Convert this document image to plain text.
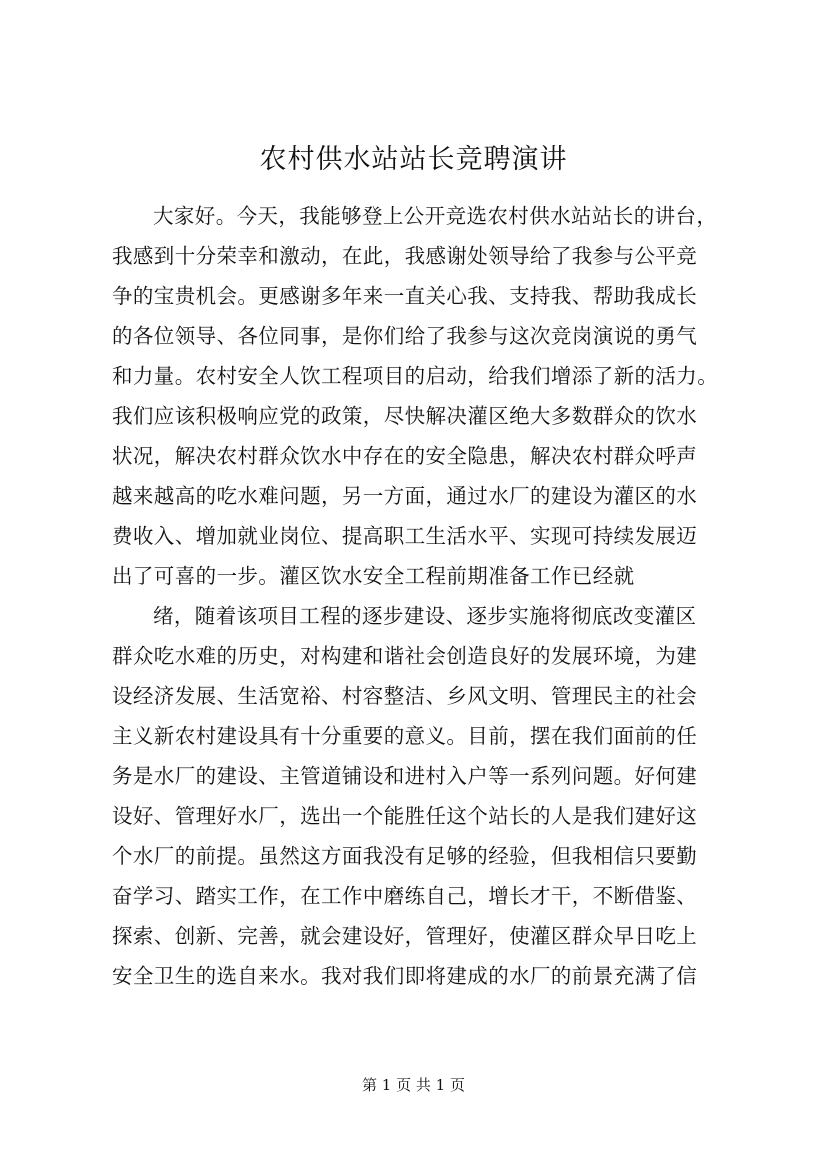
农村供水站站长竞聘演讲
大家好。今天，我能够登上公开竞选农村供水站站长的讲台，
我感到十分荣幸和激动，在此，我感谢处领导给了我参与公平竞
争的宝贵机会。更感谢多年来一直关心我、支持我、帮助我成长
的各位领导、各位同事，是你们给了我参与这次竞岗演说的勇气
和力量。农村安全人饮工程项目的启动，给我们增添了新的活力。
我们应该积极响应党的政策，尽快解决灌区绝大多数群众的饮水
状况，解决农村群众饮水中存在的安全隐患，解决农村群众呼声
越来越高的吃水难问题，另一方面，通过水厂的建设为灌区的水
费收入、增加就业岗位、提高职工生活水平、实现可持续发展迈
出了可喜的一步。灌区饮水安全工程前期准备工作已经就
绪，随着该项目工程的逐步建设、逐步实施将彻底改变灌区
群众吃水难的历史，对构建和谐社会创造良好的发展环境，为建
设经济发展、生活宽裕、村容整洁、乡风文明、管理民主的社会
主义新农村建设具有十分重要的意义。目前，摆在我们面前的任
务是水厂的建设、主管道铺设和进村入户等一系列问题。好何建
设好、管理好水厂，选出一个能胜任这个站长的人是我们建好这
个水厂的前提。虽然这方面我没有足够的经验，但我相信只要勤
奋学习、踏实工作，在工作中磨练自己，增长才干，不断借鉴、
探索、创新、完善，就会建设好，管理好，使灌区群众早日吃上
安全卫生的选自来水。我对我们即将建成的水厂的前景充满了信
第 1 页 共 1 页
